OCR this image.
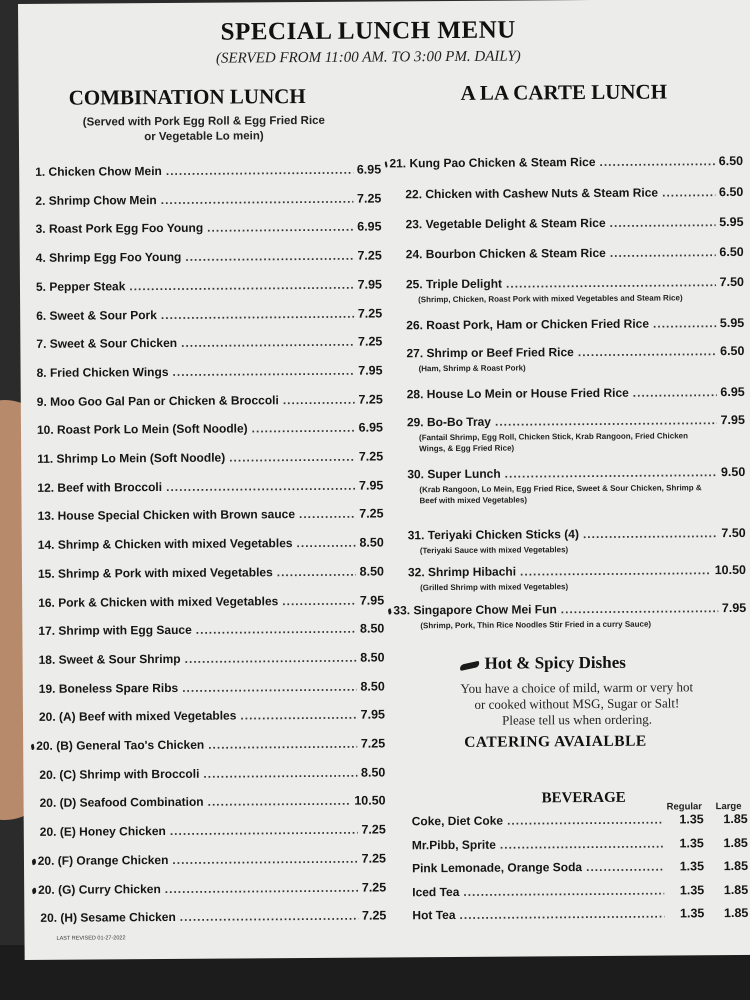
SPECIAL LUNCH MENU
(SERVED FROM 11:00 AM. TO 3:00 PM. DAILY)
COMBINATION LUNCH
(Served with Pork Egg Roll & Egg Fried Rice
or Vegetable Lo mein)
1. Chicken Chow Mein .....	6.95
2. Shrimp Chow Mein .....	7.25
3. Roast Pork Egg Foo Young .....	6.95
4. Shrimp Egg Foo Young .....	7.25
5. Pepper Steak .....	7.95
6. Sweet & Sour Pork .....	7.25
7. Sweet & Sour Chicken .....	7.25
8. Fried Chicken Wings .....	7.95
9. Moo Goo Gal Pan or Chicken & Broccoli .....	7.25
10. Roast Pork Lo Mein (Soft Noodle) .....	6.95
11. Shrimp Lo Mein (Soft Noodle) .....	7.25
12. Beef with Broccoli .....	7.95
13. House Special Chicken with Brown sauce .....	7.25
14. Shrimp & Chicken with mixed Vegetables .....	8.50
15. Shrimp & Pork with mixed Vegetables .....	8.50
16. Pork & Chicken with mixed Vegetables .....	7.95
17. Shrimp with Egg Sauce .....	8.50
18. Sweet & Sour Shrimp .....	8.50
19. Boneless Spare Ribs .....	8.50
20. (A) Beef with mixed Vegetables .....	7.95
20. (B) General Tao's Chicken .....	7.25
20. (C) Shrimp with Broccoli .....	8.50
20. (D) Seafood Combination .....	10.50
20. (E) Honey Chicken .....	7.25
20. (F) Orange Chicken .....	7.25
20. (G) Curry Chicken .....	7.25
20. (H) Sesame Chicken .....	7.25
LAST REVISED 01-27-2022
A LA CARTE LUNCH
21. Kung Pao Chicken & Steam Rice .....	6.50
22. Chicken with Cashew Nuts & Steam Rice .....	6.50
23. Vegetable Delight & Steam Rice .....	5.95
24. Bourbon Chicken & Steam Rice .....	6.50
25. Triple Delight .....	7.50
(Shrimp, Chicken, Roast Pork with mixed Vegetables and Steam Rice)
26. Roast Pork, Ham or Chicken Fried Rice .....	5.95
27. Shrimp or Beef Fried Rice .....	6.50
(Ham, Shrimp & Roast Pork)
28. House Lo Mein or House Fried Rice .....	6.95
29. Bo-Bo Tray .....	7.95
(Fantail Shrimp, Egg Roll, Chicken Stick, Krab Rangoon, Fried Chicken Wings, & Egg Fried Rice)
30. Super Lunch .....	9.50
(Krab Rangoon, Lo Mein, Egg Fried Rice, Sweet & Sour Chicken, Shrimp & Beef with mixed Vegetables)
31. Teriyaki Chicken Sticks (4) .....	7.50
(Teriyaki Sauce with mixed Vegetables)
32. Shrimp Hibachi .....	10.50
(Grilled Shrimp with mixed Vegetables)
33. Singapore Chow Mei Fun .....	7.95
(Shrimp, Pork, Thin Rice Noodles Stir Fried in a curry Sauce)
Hot & Spicy Dishes
You have a choice of mild, warm or very hot
or cooked without MSG, Sugar or Salt!
Please tell us when ordering.
CATERING AVAIALBLE
BEVERAGE
Regular Large
Coke, Diet Coke .....	1.35	1.85
Mr.Pibb, Sprite .....	1.35	1.85
Pink Lemonade, Orange Soda .....	1.35	1.85
Iced Tea .....	1.35	1.85
Hot Tea .....	1.35	1.85
